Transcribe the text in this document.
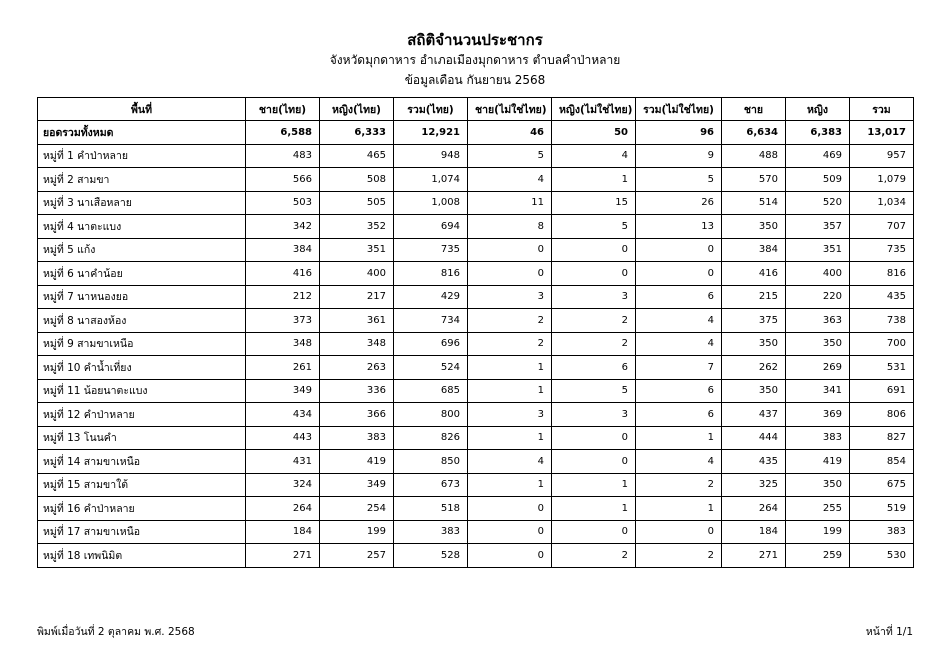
สถิติจำนวนประชากร
จังหวัดมุกดาหาร อำเภอเมืองมุกดาหาร ตำบลคำป่าหลาย
ข้อมูลเดือน กันยายน 2568
พื้นที่	ชาย(ไทย)	หญิง(ไทย)	รวม(ไทย)	ชาย(ไม่ใช่ไทย)	หญิง(ไม่ใช่ไทย)	รวม(ไม่ใช่ไทย)	ชาย	หญิง	รวม
ยอดรวมทั้งหมด	6,588	6,333	12,921	46	50	96	6,634	6,383	13,017
หมู่ที่ 1 คำป่าหลาย	483	465	948	5	4	9	488	469	957
หมู่ที่ 2 สามขา	566	508	1,074	4	1	5	570	509	1,079
หมู่ที่ 3 นาเสือหลาย	503	505	1,008	11	15	26	514	520	1,034
หมู่ที่ 4 นาตะแบง	342	352	694	8	5	13	350	357	707
หมู่ที่ 5 แก้ง	384	351	735	0	0	0	384	351	735
หมู่ที่ 6 นาคำน้อย	416	400	816	0	0	0	416	400	816
หมู่ที่ 7 นาหนองยอ	212	217	429	3	3	6	215	220	435
หมู่ที่ 8 นาสองห้อง	373	361	734	2	2	4	375	363	738
หมู่ที่ 9 สามขาเหนือ	348	348	696	2	2	4	350	350	700
หมู่ที่ 10 คำน้ำเที่ยง	261	263	524	1	6	7	262	269	531
หมู่ที่ 11 น้อยนาตะแบง	349	336	685	1	5	6	350	341	691
หมู่ที่ 12 คำป่าหลาย	434	366	800	3	3	6	437	369	806
หมู่ที่ 13 โนนคำ	443	383	826	1	0	1	444	383	827
หมู่ที่ 14 สามขาเหนือ	431	419	850	4	0	4	435	419	854
หมู่ที่ 15 สามขาใต้	324	349	673	1	1	2	325	350	675
หมู่ที่ 16 คำป่าหลาย	264	254	518	0	1	1	264	255	519
หมู่ที่ 17 สามขาเหนือ	184	199	383	0	0	0	184	199	383
หมู่ที่ 18 เทพนิมิต	271	257	528	0	2	2	271	259	530
พิมพ์เมื่อวันที่ 2 ตุลาคม พ.ศ. 2568	หน้าที่ 1/1
